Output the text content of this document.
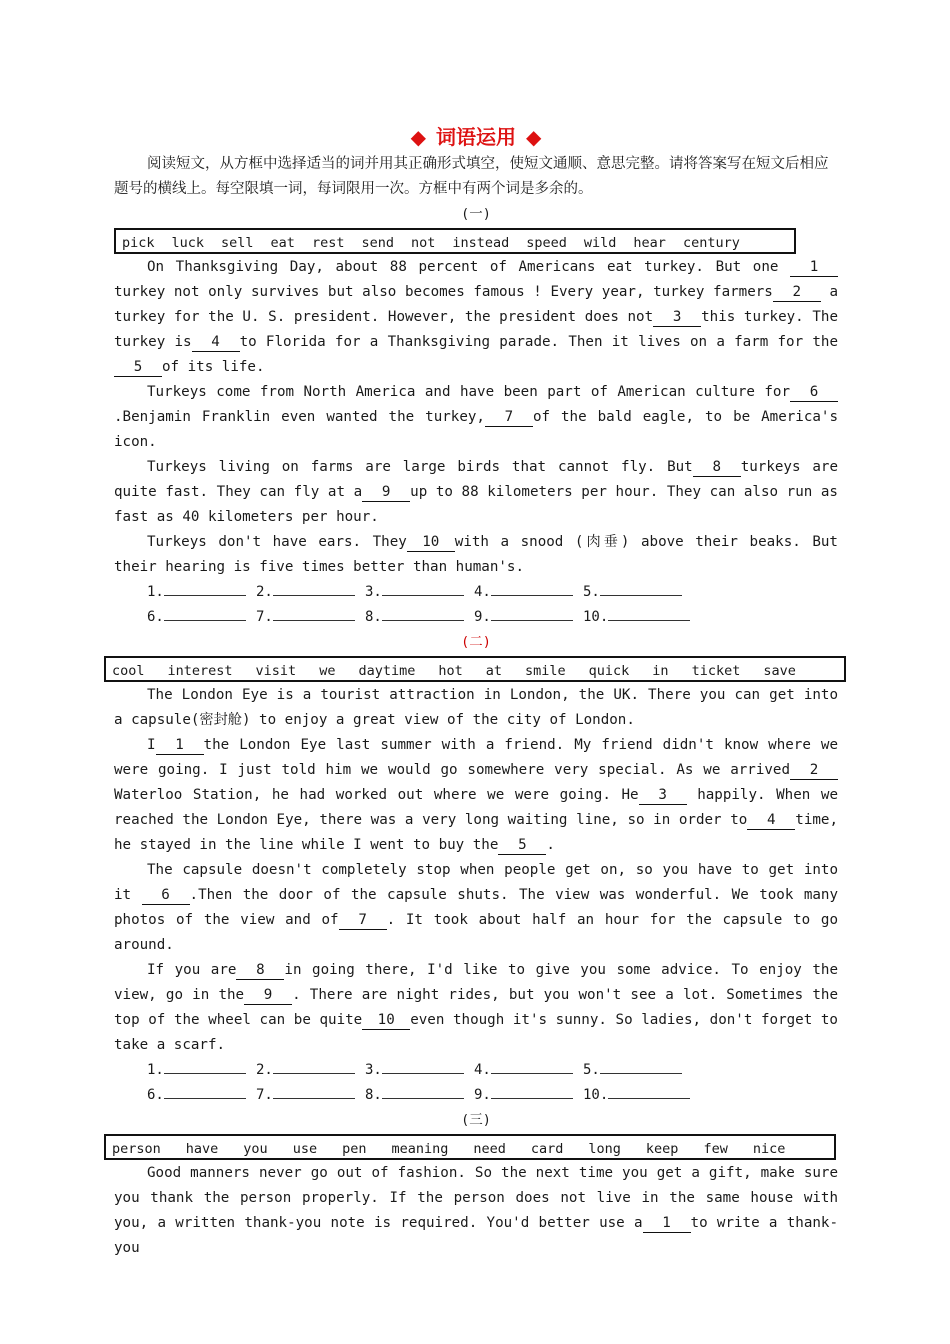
◆ 词语运用 ◆
阅读短文，从方框中选择适当的词并用其正确形式填空，使短文通顺、意思完整。请将答案写在短文后相应题号的横线上。每空限填一词，每词限用一次。方框中有两个词是多余的。
(一)
pick luck sell eat rest send not instead speed wild hear century

On Thanksgiving Day, about 88 percent of Americans eat turkey. But one 1turkey not only survives but also becomes famous ! Every year, turkey farmers 2 a turkey for the U. S. president. However, the president does not 3 this turkey. The turkey is 4 to Florida for a Thanksgiving parade. Then it lives on a farm for the5 of its life.

Turkeys come from North America and have been part of American culture for 6.Benjamin Franklin even wanted the turkey, 7 of the bald eagle, to be America's icon.

Turkeys living on farms are large birds that cannot fly. But 8 turkeys are quite fast. They can fly at a 9 up to 88 kilometers per hour. They can also run as fast as 40 kilometers per hour.

Turkeys don't have ears. They 10 with a snood (肉垂) above their beaks. But their hearing is five times better than human's.

1.	2.	3.	4.	5.
6.	7.	8.	9.	10.
(二)
cool interest visit we daytime hot at smile quick in ticket save

The London Eye is a tourist attraction in London, the UK. There you can get into a capsule(密封舱) to enjoy a great view of the city of London.

I 1 the London Eye last summer with a friend. My friend didn't know where we were going. I just told him we would go somewhere very special. As we arrived 2 Waterloo Station, he had worked out where we were going. He 3 happily. When we reached the London Eye, there was a very long waiting line, so in order to 4 time, he stayed in the line while I went to buy the 5 .

The capsule doesn't completely stop when people get on, so you have to get into it 6 .Then the door of the capsule shuts. The view was wonderful. We took many photos of the view and of 7 . It took about half an hour for the capsule to go around.

If you are 8 in going there, I'd like to give you some advice. To enjoy the view, go in the 9 . There are night rides, but you won't see a lot. Sometimes the top of the wheel can be quite 10 even though it's sunny. So ladies, don't forget to take a scarf.

1.	2.	3.	4.	5.
6.	7.	8.	9.	10.
(三)
person have you use pen meaning need card long keep few nice

Good manners never go out of fashion. So the next time you get a gift, make sure you thank the person properly. If the person does not live in the same house with you, a written thank-you note is required. You'd better use a 1 to write a thank-you
